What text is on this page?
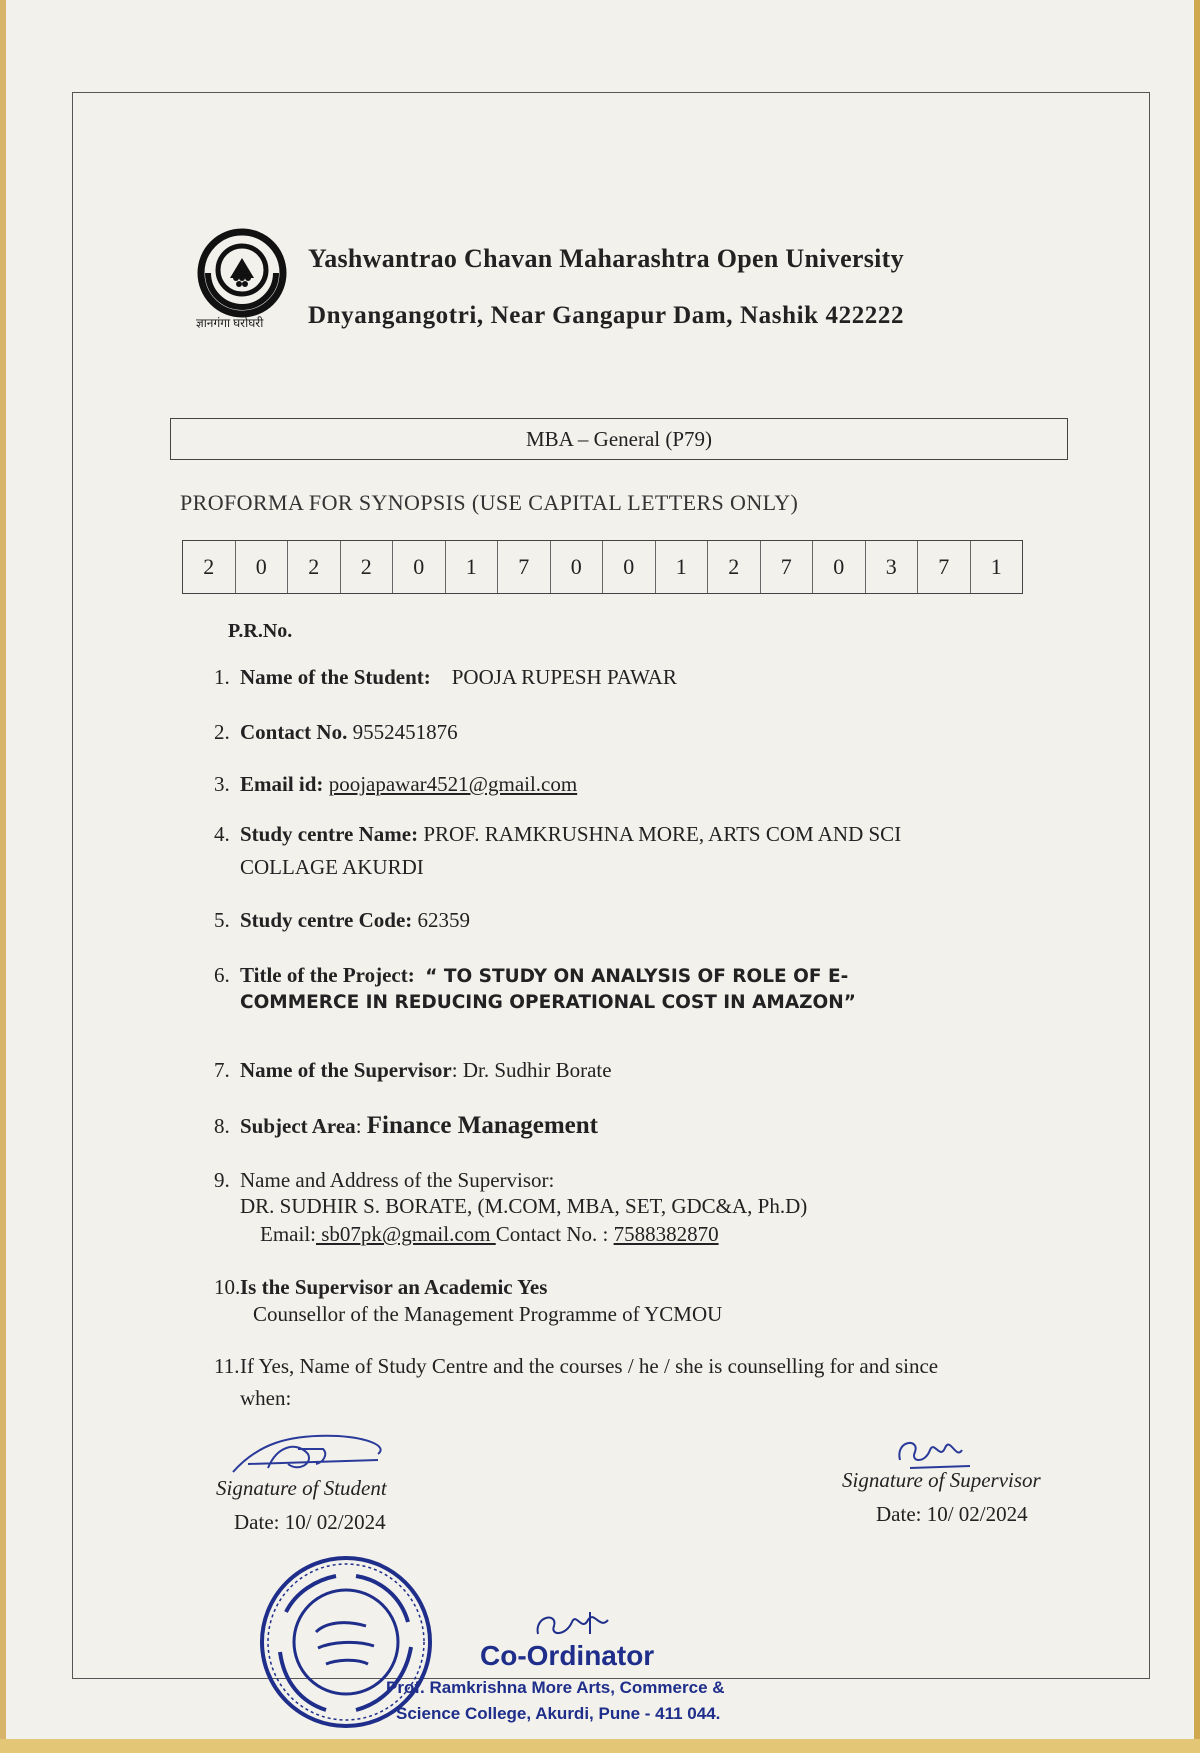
ज्ञानगंगा घरोघरी
Yashwantrao Chavan Maharashtra Open University
Dnyangangotri, Near Gangapur Dam, Nashik 422222
MBA – General (P79)
PROFORMA FOR SYNOPSIS (USE CAPITAL LETTERS ONLY)
2	0	2	2	0	1	7	0	0	1	2	7	0	3	7	1
P.R.No.
1. Name of the Student: POOJA RUPESH PAWAR
2. Contact No. 9552451876
3. Email id: poojapawar4521@gmail.com
4. Study centre Name: PROF. RAMKRUSHNA MORE, ARTS COM AND SCI
COLLAGE AKURDI
5. Study centre Code: 62359
6. Title of the Project: “ TO STUDY ON ANALYSIS OF ROLE OF E-
COMMERCE IN REDUCING OPERATIONAL COST IN AMAZON”
7. Name of the Supervisor: Dr. Sudhir Borate
8. Subject Area: Finance Management
9. Name and Address of the Supervisor:
DR. SUDHIR S. BORATE, (M.COM, MBA, SET, GDC&A, Ph.D)
Email: sb07pk@gmail.com Contact No. : 7588382870
10.Is the Supervisor an Academic Yes
Counsellor of the Management Programme of YCMOU
11.If Yes, Name of Study Centre and the courses / he / she is counselling for and since
when:
Signature of Student
Date: 10/ 02/2024
Signature of Supervisor
Date: 10/ 02/2024
Co-Ordinator
Prof. Ramkrishna More Arts, Commerce &
Science College, Akurdi, Pune - 411 044.
